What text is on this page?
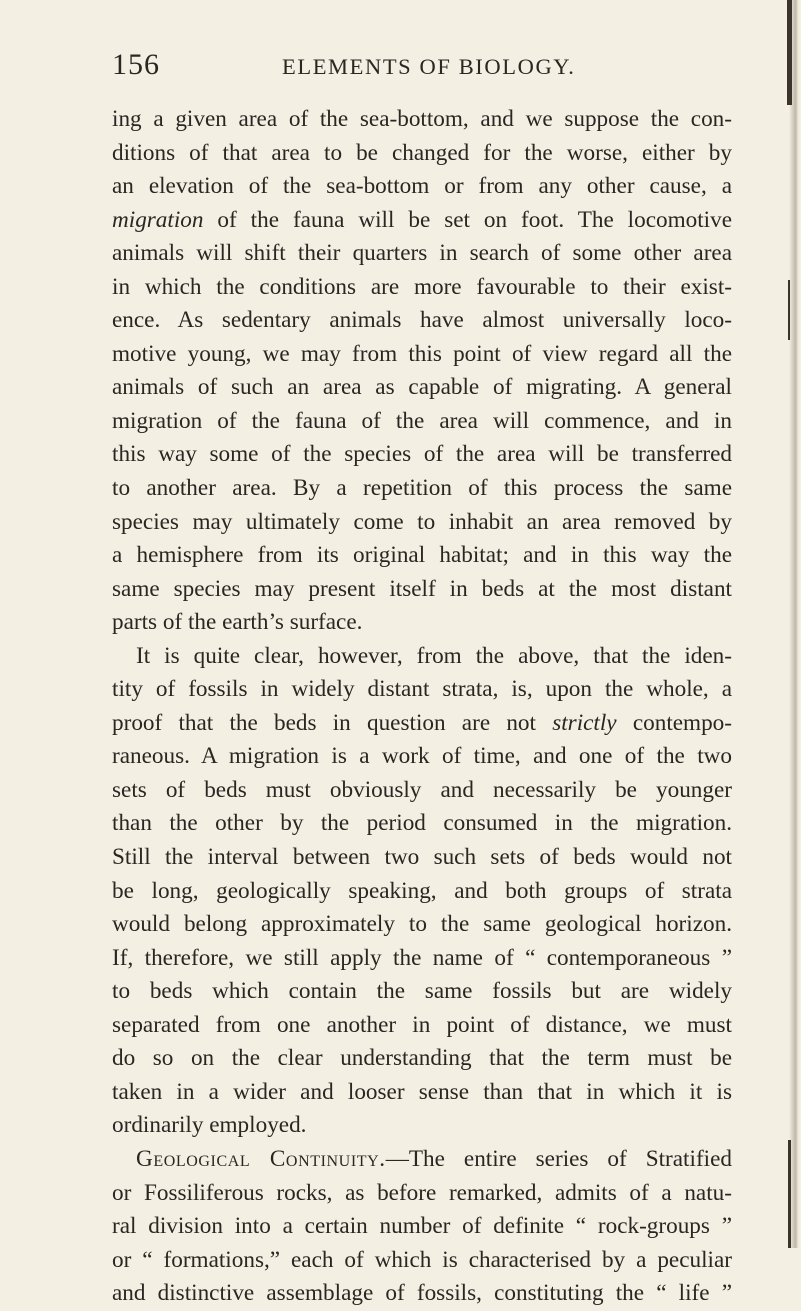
156	ELEMENTS OF BIOLOGY.
ing a given area of the sea-bottom, and we suppose the con-
ditions of that area to be changed for the worse, either by
an elevation of the sea-bottom or from any other cause, a
migration of the fauna will be set on foot. The locomotive
animals will shift their quarters in search of some other area
in which the conditions are more favourable to their exist-
ence. As sedentary animals have almost universally loco-
motive young, we may from this point of view regard all the
animals of such an area as capable of migrating. A general
migration of the fauna of the area will commence, and in
this way some of the species of the area will be transferred
to another area. By a repetition of this process the same
species may ultimately come to inhabit an area removed by
a hemisphere from its original habitat; and in this way the
same species may present itself in beds at the most distant
parts of the earth’s surface.
It is quite clear, however, from the above, that the iden-
tity of fossils in widely distant strata, is, upon the whole, a
proof that the beds in question are not strictly contempo-
raneous. A migration is a work of time, and one of the two
sets of beds must obviously and necessarily be younger
than the other by the period consumed in the migration.
Still the interval between two such sets of beds would not
be long, geologically speaking, and both groups of strata
would belong approximately to the same geological horizon.
If, therefore, we still apply the name of “ contemporaneous ”
to beds which contain the same fossils but are widely
separated from one another in point of distance, we must
do so on the clear understanding that the term must be
taken in a wider and looser sense than that in which it is
ordinarily employed.
Geological Continuity.—The entire series of Stratified
or Fossiliferous rocks, as before remarked, admits of a natu-
ral division into a certain number of definite “ rock-groups ”
or “ formations,” each of which is characterised by a peculiar
and distinctive assemblage of fossils, constituting the “ life ”
